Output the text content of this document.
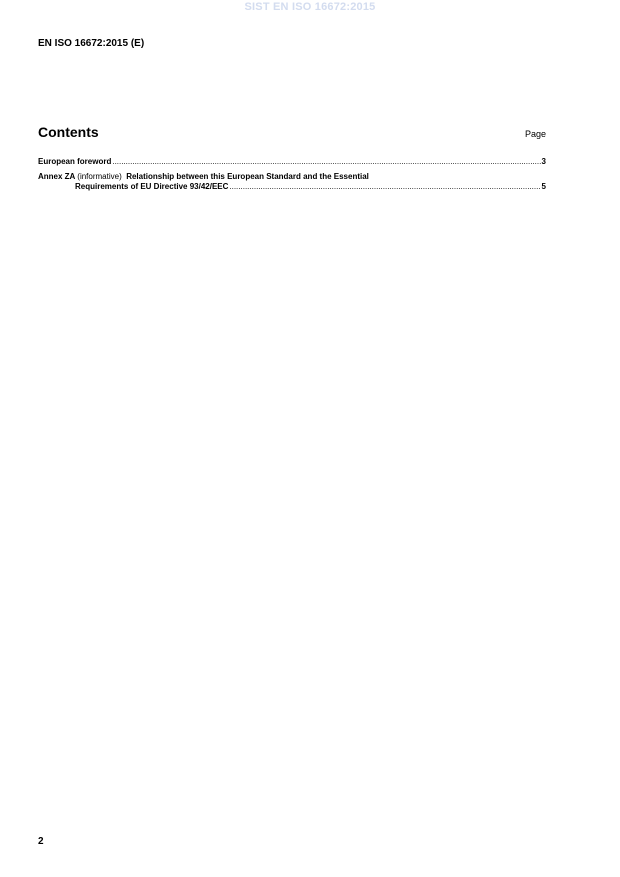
SIST EN ISO 16672:2015
EN ISO 16672:2015 (E)
Contents	Page
European foreword .....	3
Annex ZA (informative) Relationship between this European Standard and the Essential
Requirements of EU Directive 93/42/EEC .....	5
2
